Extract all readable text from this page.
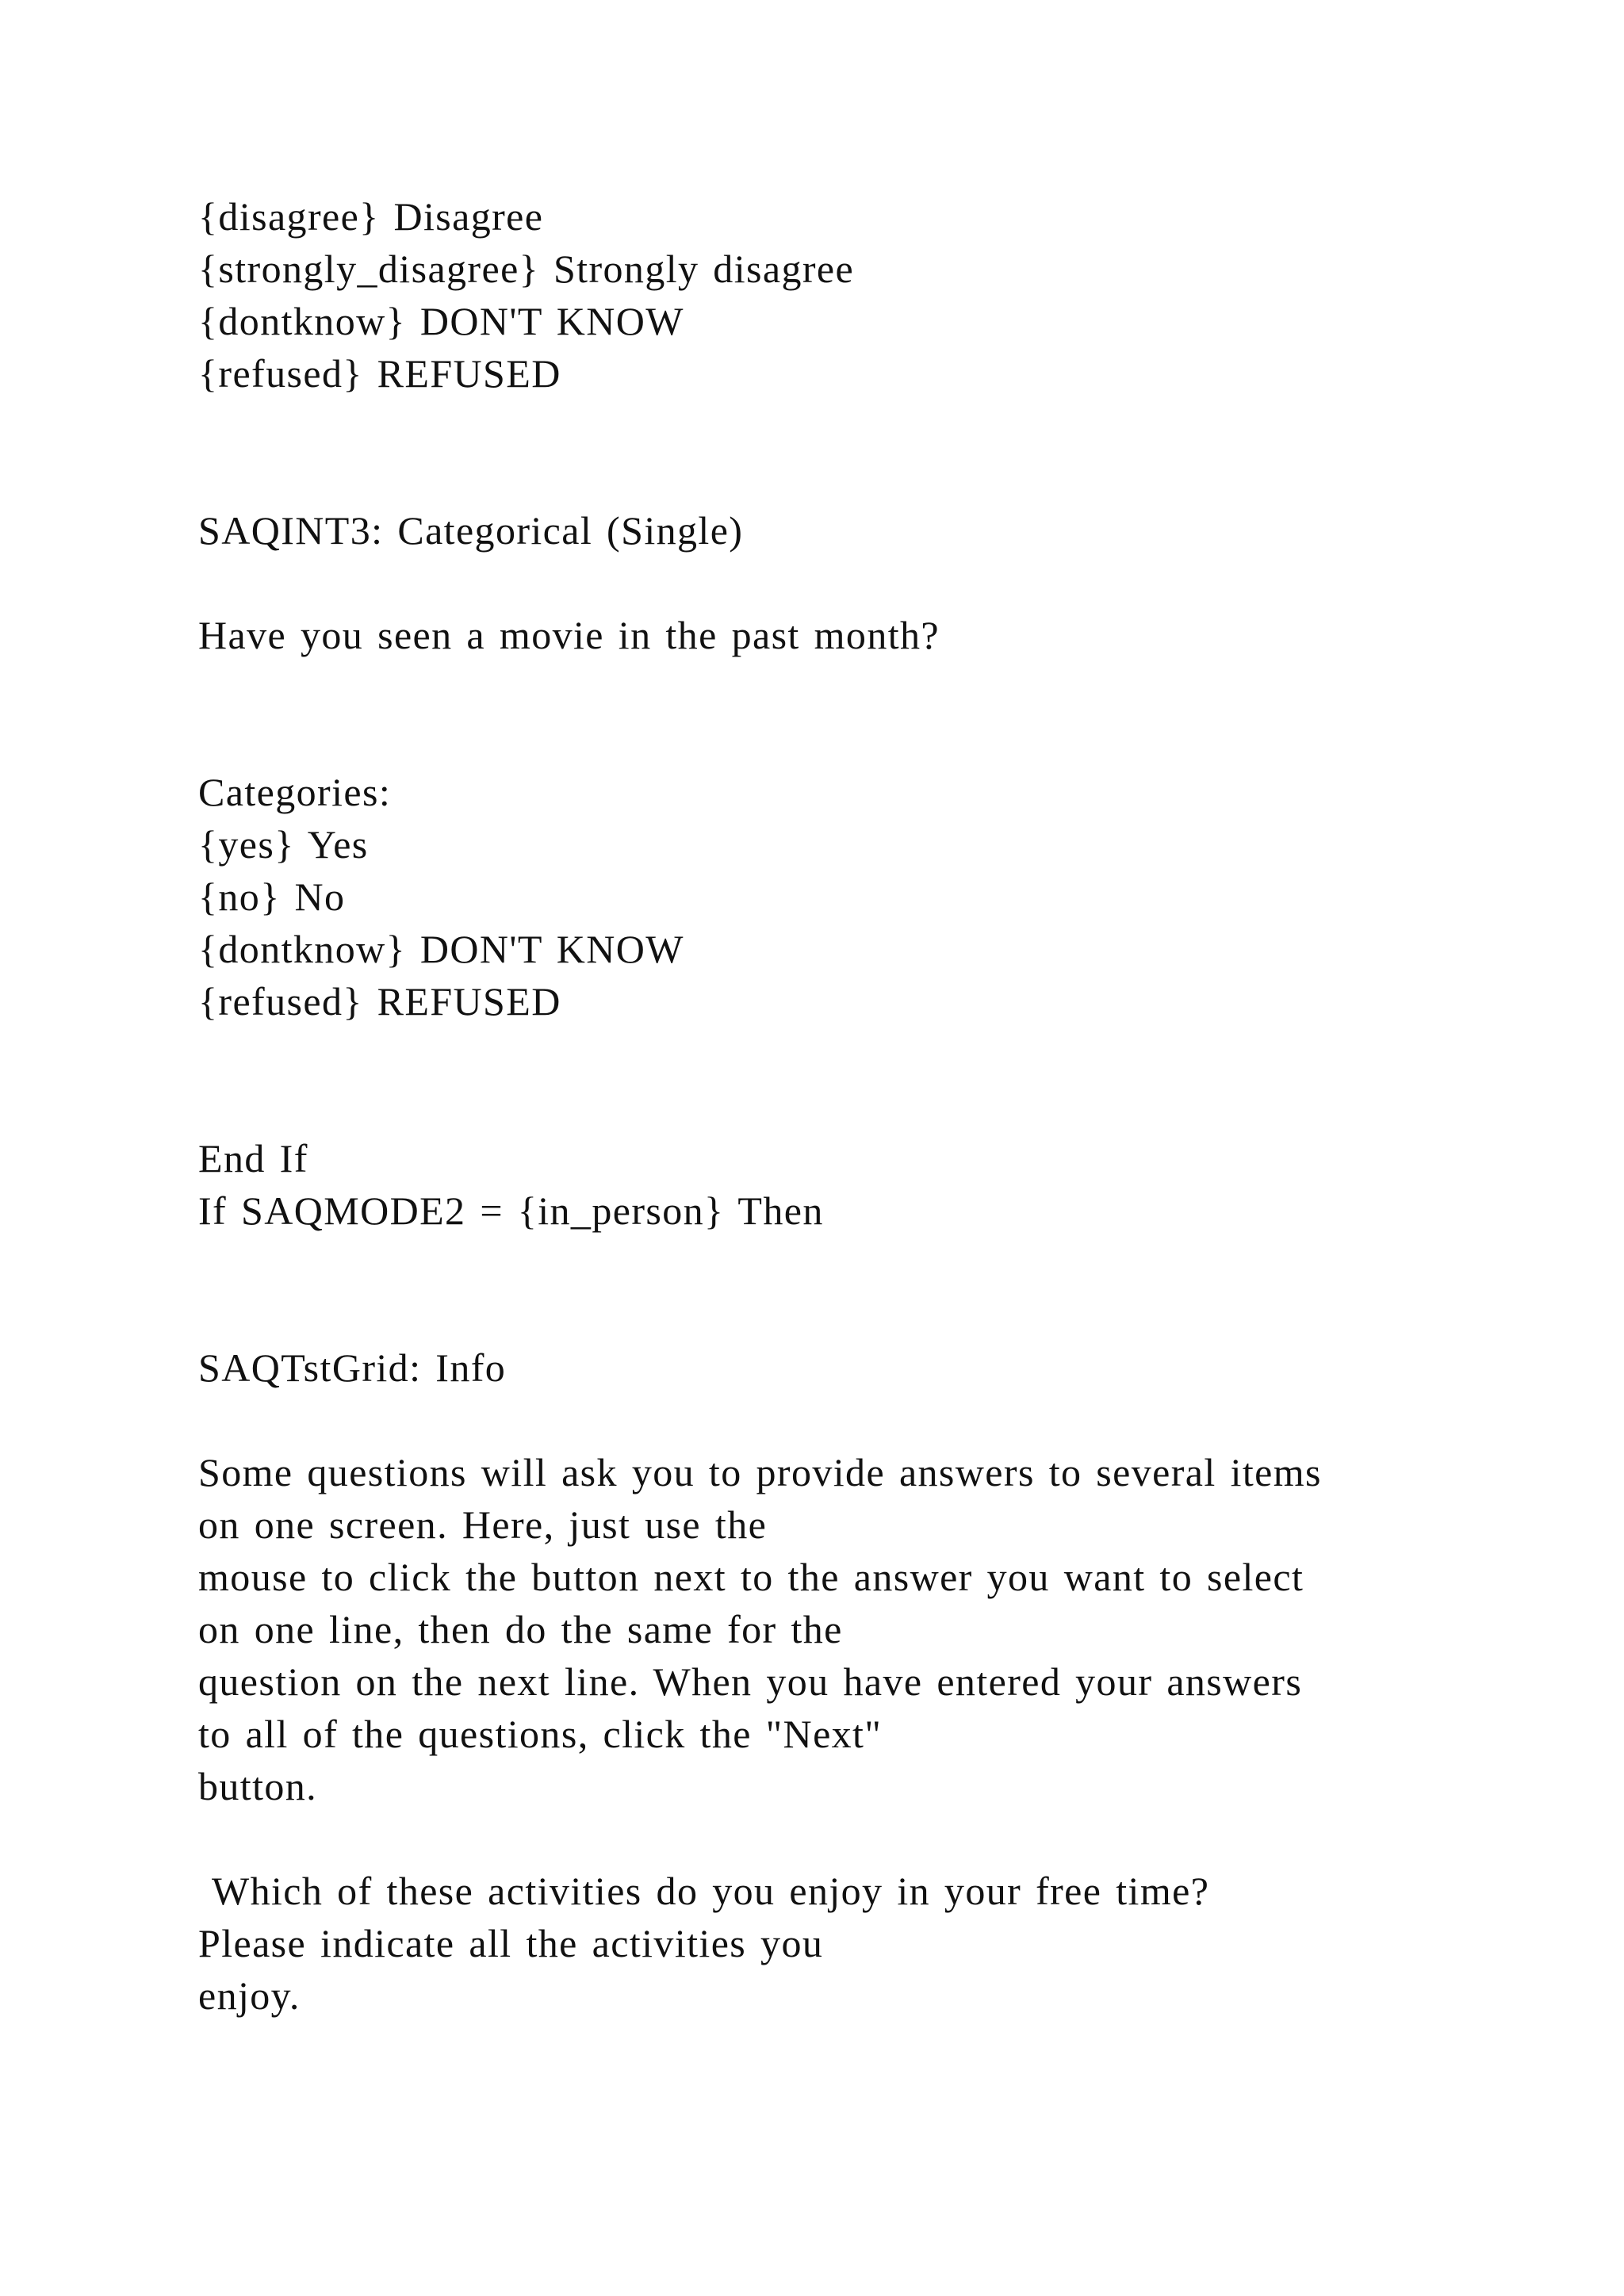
{disagree} Disagree
{strongly_disagree} Strongly disagree
{dontknow} DON'T KNOW
{refused} REFUSED
SAQINT3: Categorical (Single)
Have you seen a movie in the past month?
Categories:
{yes} Yes
{no} No
{dontknow} DON'T KNOW
{refused} REFUSED
End If
If SAQMODE2 = {in_person} Then
SAQTstGrid: Info
Some questions will ask you to provide answers to several items
on one screen. Here, just use the
mouse to click the button next to the answer you want to select
on one line, then do the same for the
question on the next line. When you have entered your answers
to all of the questions, click the "Next"
button.
Which of these activities do you enjoy in your free time?
Please indicate all the activities you
enjoy.
